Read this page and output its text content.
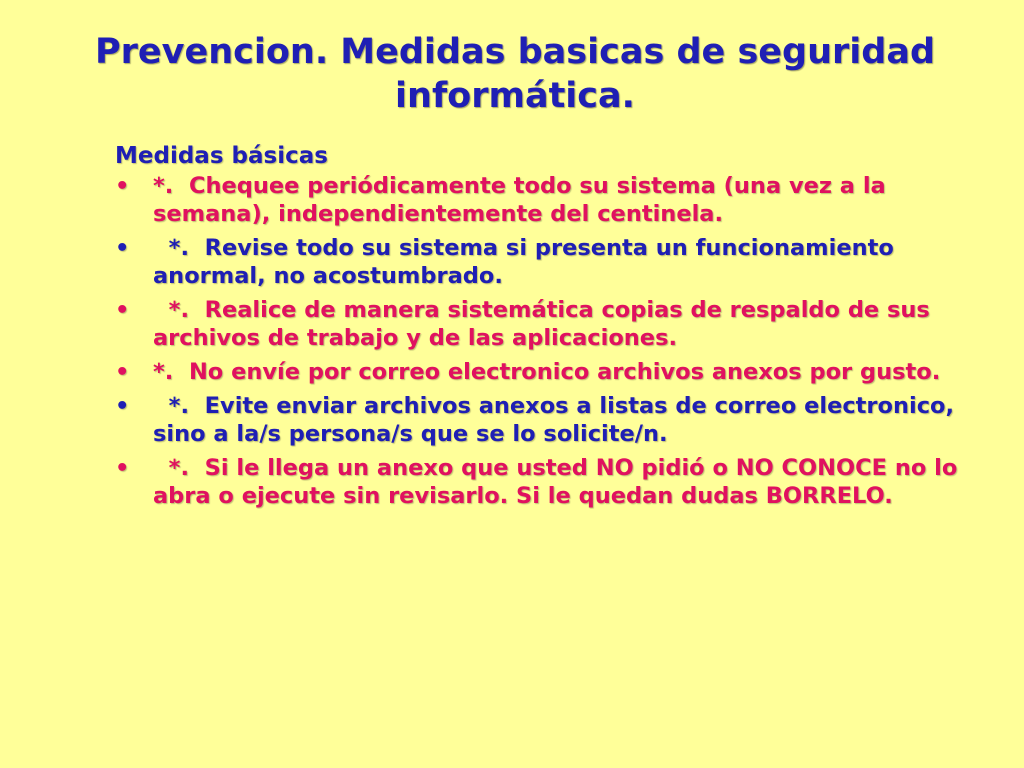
Prevencion. Medidas basicas de seguridad informática.
Medidas básicas
• *.  Chequee periódicamente todo su sistema (una vez a la semana), independientemente del centinela.
• *.  Revise todo su sistema si presenta un funcionamiento anormal, no acostumbrado.
• *.  Realice de manera sistemática copias de respaldo de sus archivos de trabajo y de las aplicaciones.
• *.  No envíe por correo electronico archivos anexos por gusto.
• *.  Evite enviar archivos anexos a listas de correo electronico, sino a la/s persona/s que se lo solicite/n.
• *.  Si le llega un anexo que usted NO pidió o NO CONOCE no lo abra o ejecute sin revisarlo. Si le quedan dudas BORRELO.
